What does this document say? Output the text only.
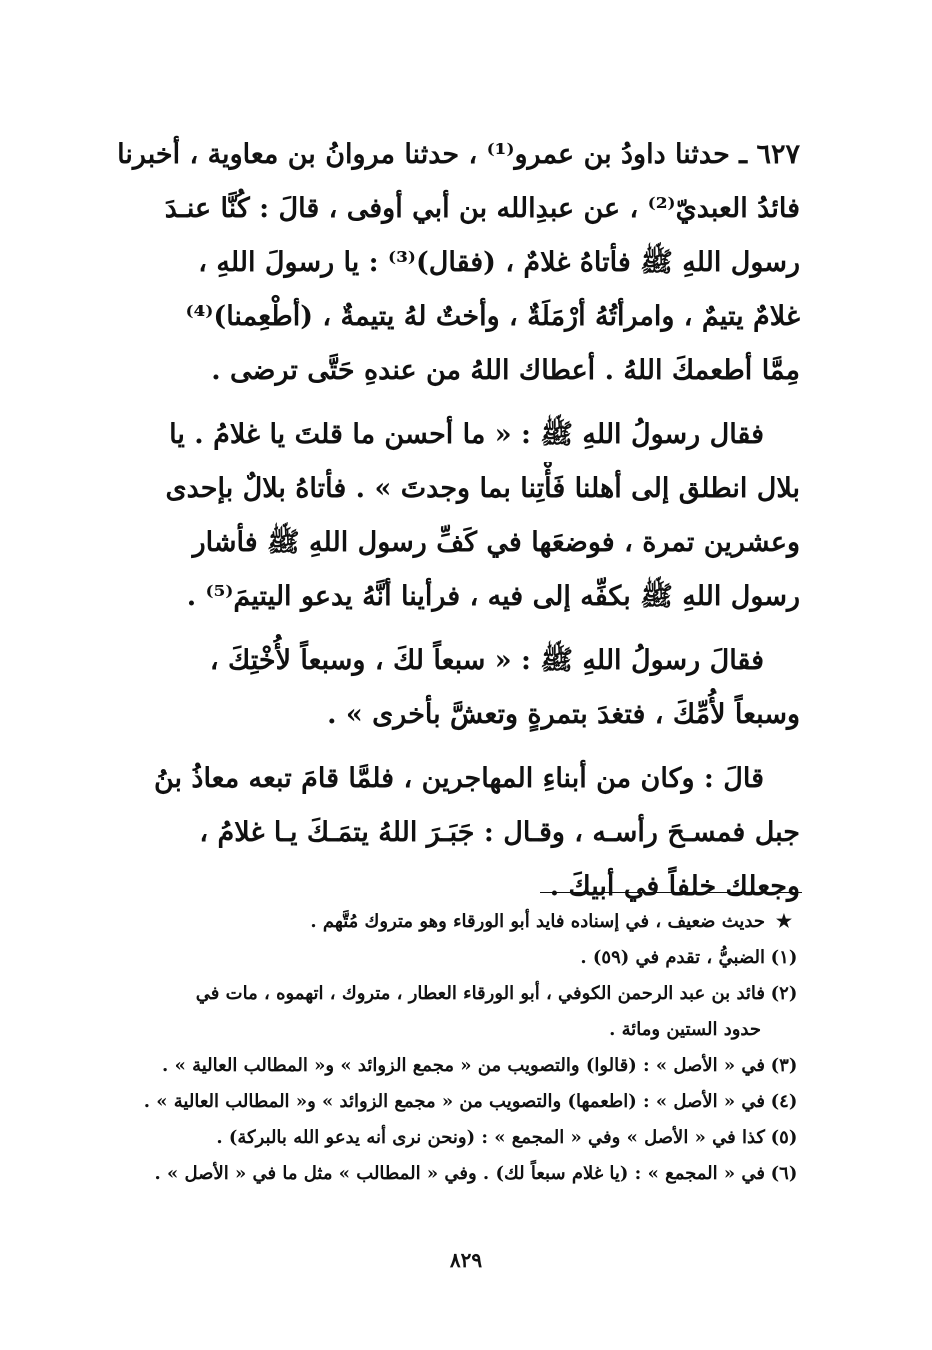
٦٢٧ ـ حدثنا داودُ بن عمرو⁽¹⁾ ، حدثنا مروانُ بن معاوية ، أخبرنا
فائدُ العبديّ⁽²⁾ ، عن عبدِالله بن أبي أوفى ، قالَ : كُنَّا عنـدَ
رسول اللهِ ﷺ فأتاهُ غلامٌ ، (فقال)⁽³⁾ : يا رسولَ اللهِ ،
غلامٌ يتيمٌ ، وامرأتُهُ أرْمَلَةٌ ، وأختٌ لهُ يتيمةٌ ، (أطْعِمنا)⁽⁴⁾
مِمَّا أطعمكَ اللهُ . أعطاك اللهُ من عندهِ حَتَّى ترضى .
فقال رسولُ اللهِ ﷺ : « ما أحسن ما قلتَ يا غلامُ . يا
بلال انطلق إلى أهلنا فَأْتِنا بما وجدتَ » . فأتاهُ بلالٌ بإحدى
وعشرين تمرة ، فوضعَها في كَفِّ رسول اللهِ ﷺ فأشار
رسول اللهِ ﷺ بكفِّه إلى فيه ، فرأينا أنَّهُ يدعو اليتيمَ⁽⁵⁾ .
فقالَ رسولُ اللهِ ﷺ : « سبعاً لكَ ، وسبعاً لأُخْتِكَ ،
وسبعاً لأُمِّكَ ، فتغدَ بتمرةٍ وتعشَّ بأخرى » .
قالَ : وكان من أبناءِ المهاجرين ، فلمَّا قامَ تبعه معاذُ بنُ
جبل فمسـحَ رأسـه ، وقـال : جَبَـرَ اللهُ يتمَـكَ يـا غلامُ ،
وجعلك خلفاً في أبيكَ .
★حديث ضعيف ، في إسناده فايد أبو الورقاء وهو متروك مُتَّهم .
(١)الضبيُّ ، تقدم في (٥٩) .
(٢)فائد بن عبد الرحمن الكوفي ، أبو الورقاء العطار ، متروك ، اتهموه ، مات في
حدود الستين ومائة .
(٣)في « الأصل » : (قالوا) والتصويب من « مجمع الزوائد » و« المطالب العالية » .
(٤)في « الأصل » : (اطعمها) والتصويب من « مجمع الزوائد » و« المطالب العالية » .
(٥)كذا في « الأصل » وفي « المجمع » : (ونحن نرى أنه يدعو الله بالبركة) .
(٦)في « المجمع » : (يا غلام سبعاً لك) . وفي « المطالب » مثل ما في « الأصل » .
٨٢٩
